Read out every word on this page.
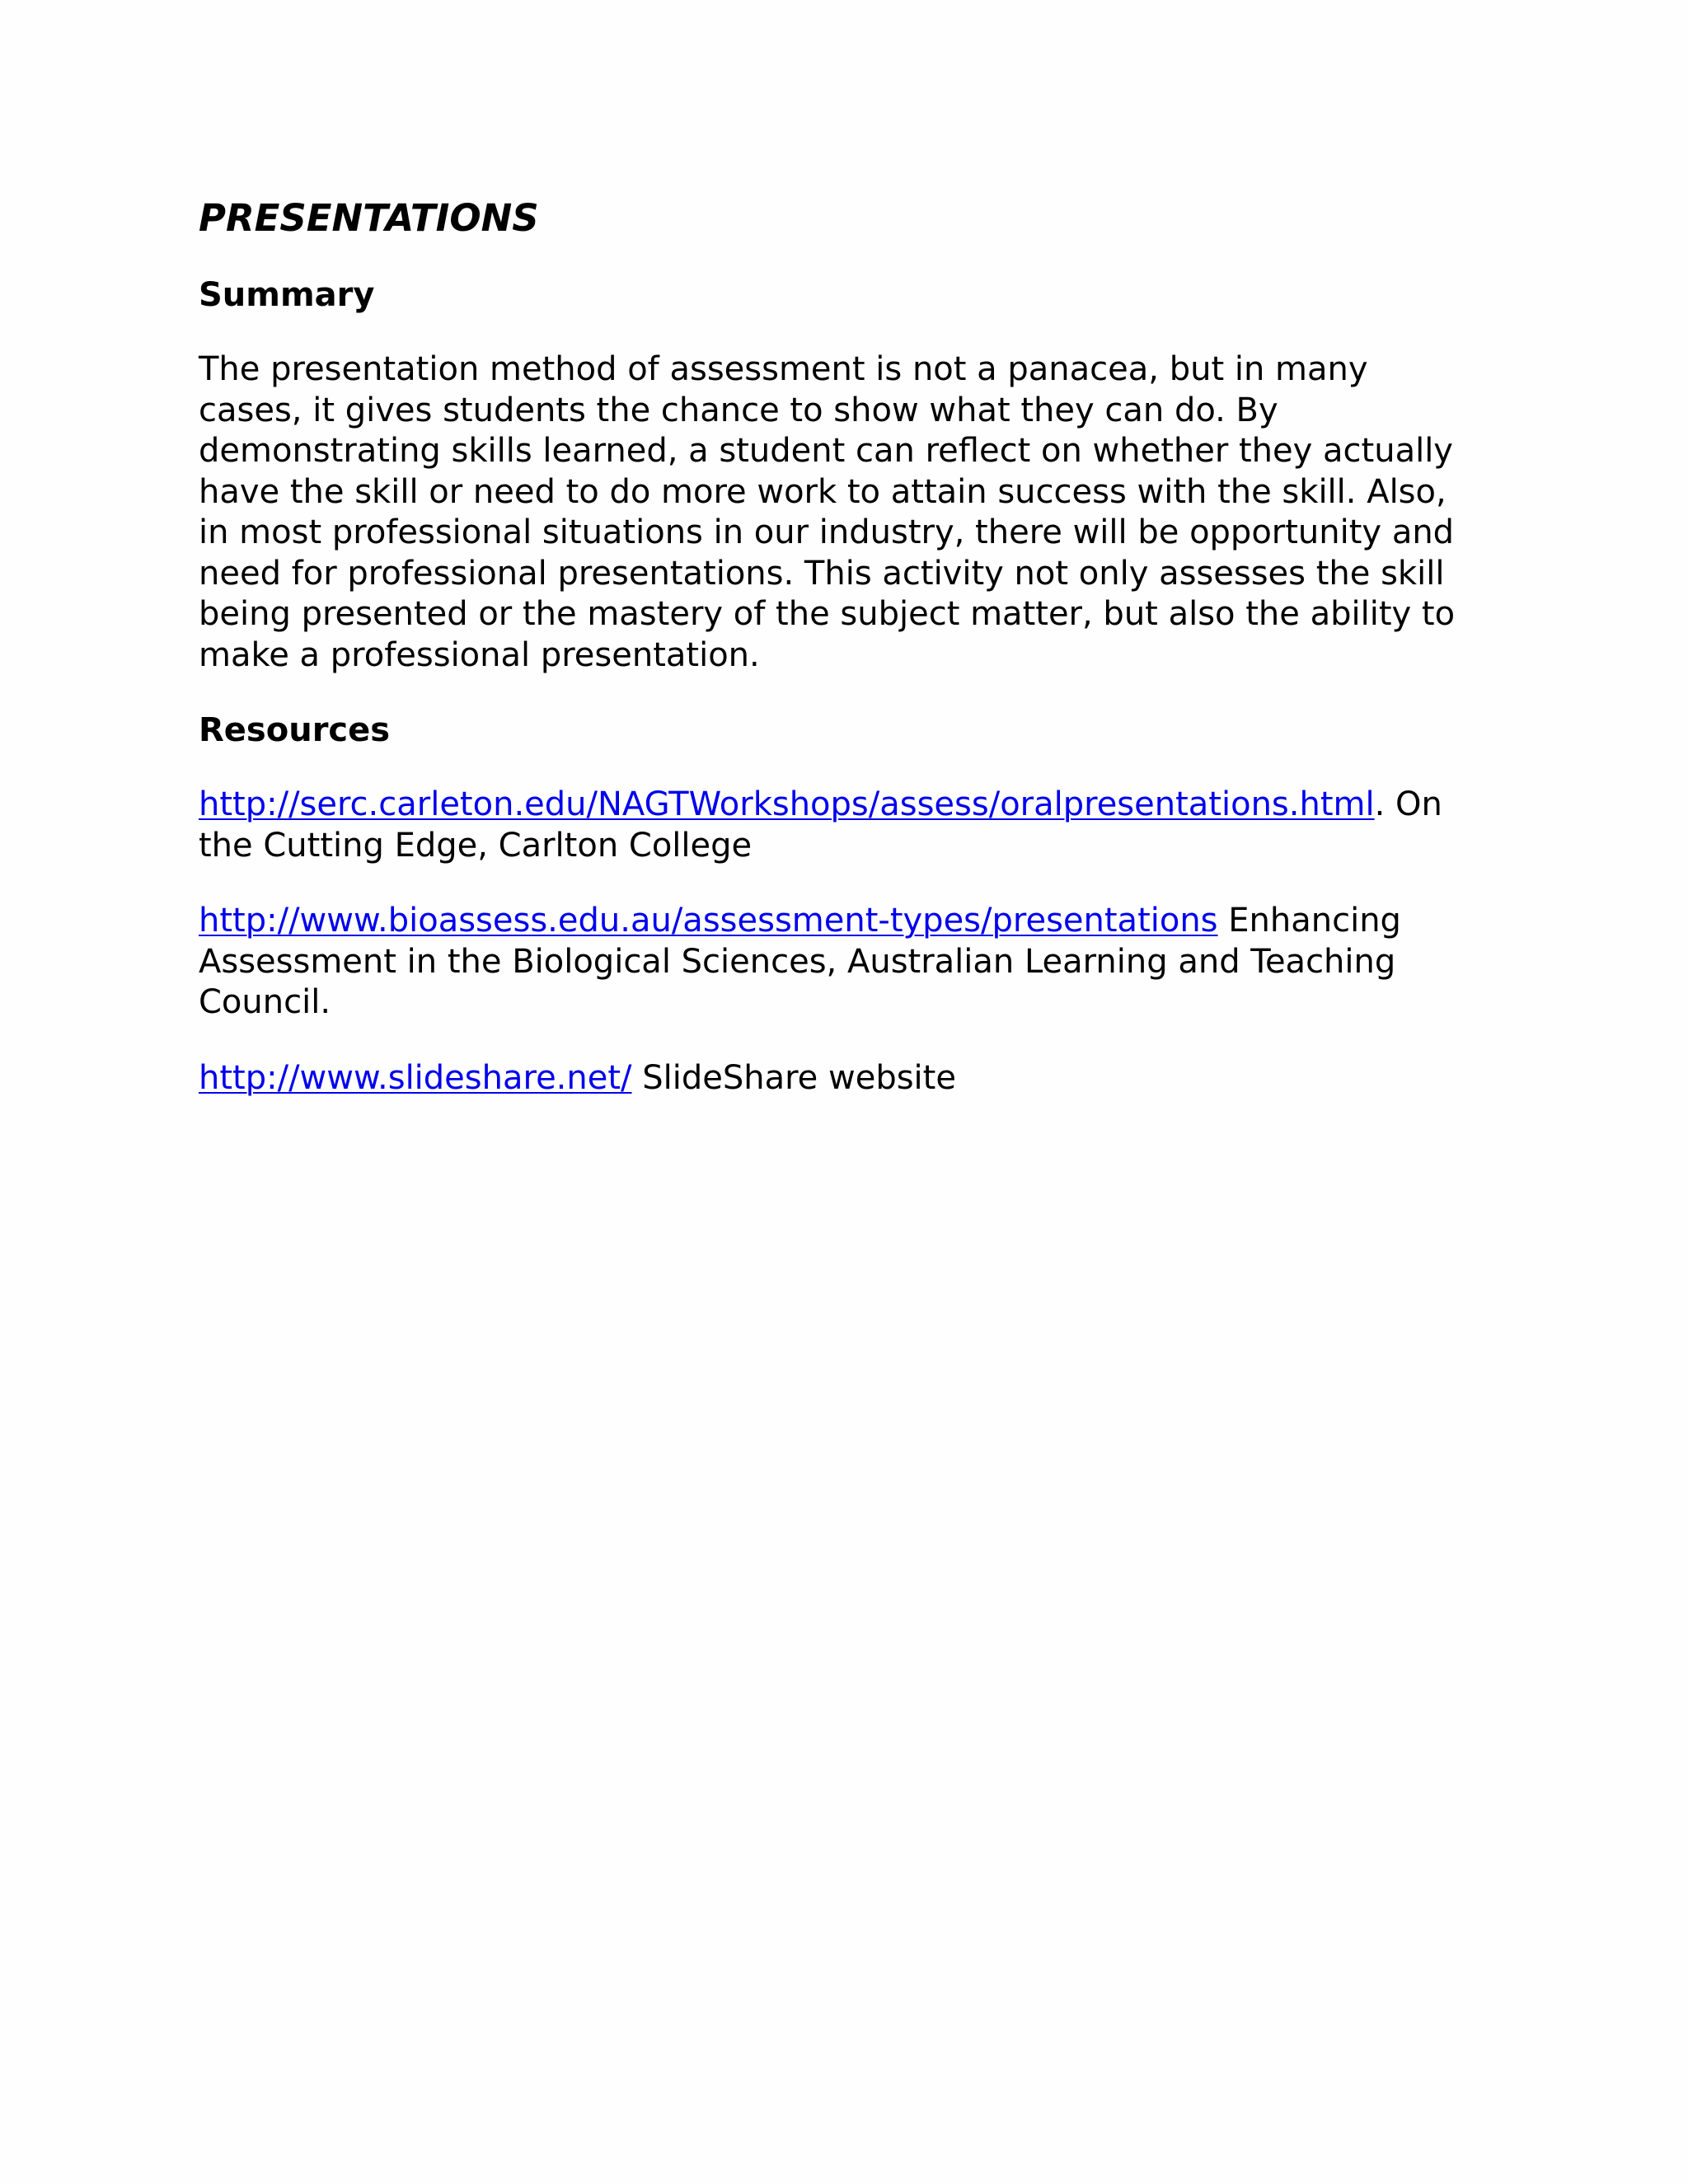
PRESENTATIONS
Summary

The presentation method of assessment is not a panacea, but in many
cases, it gives students the chance to show what they can do. By
demonstrating skills learned, a student can reflect on whether they actually
have the skill or need to do more work to attain success with the skill. Also,
in most professional situations in our industry, there will be opportunity and
need for professional presentations. This activity not only assesses the skill
being presented or the mastery of the subject matter, but also the ability to
make a professional presentation.

Resources

http://serc.carleton.edu/NAGTWorkshops/assess/oralpresentations.html. On
the Cutting Edge, Carlton College

http://www.bioassess.edu.au/assessment-types/presentations Enhancing
Assessment in the Biological Sciences, Australian Learning and Teaching
Council.

http://www.slideshare.net/ SlideShare website
